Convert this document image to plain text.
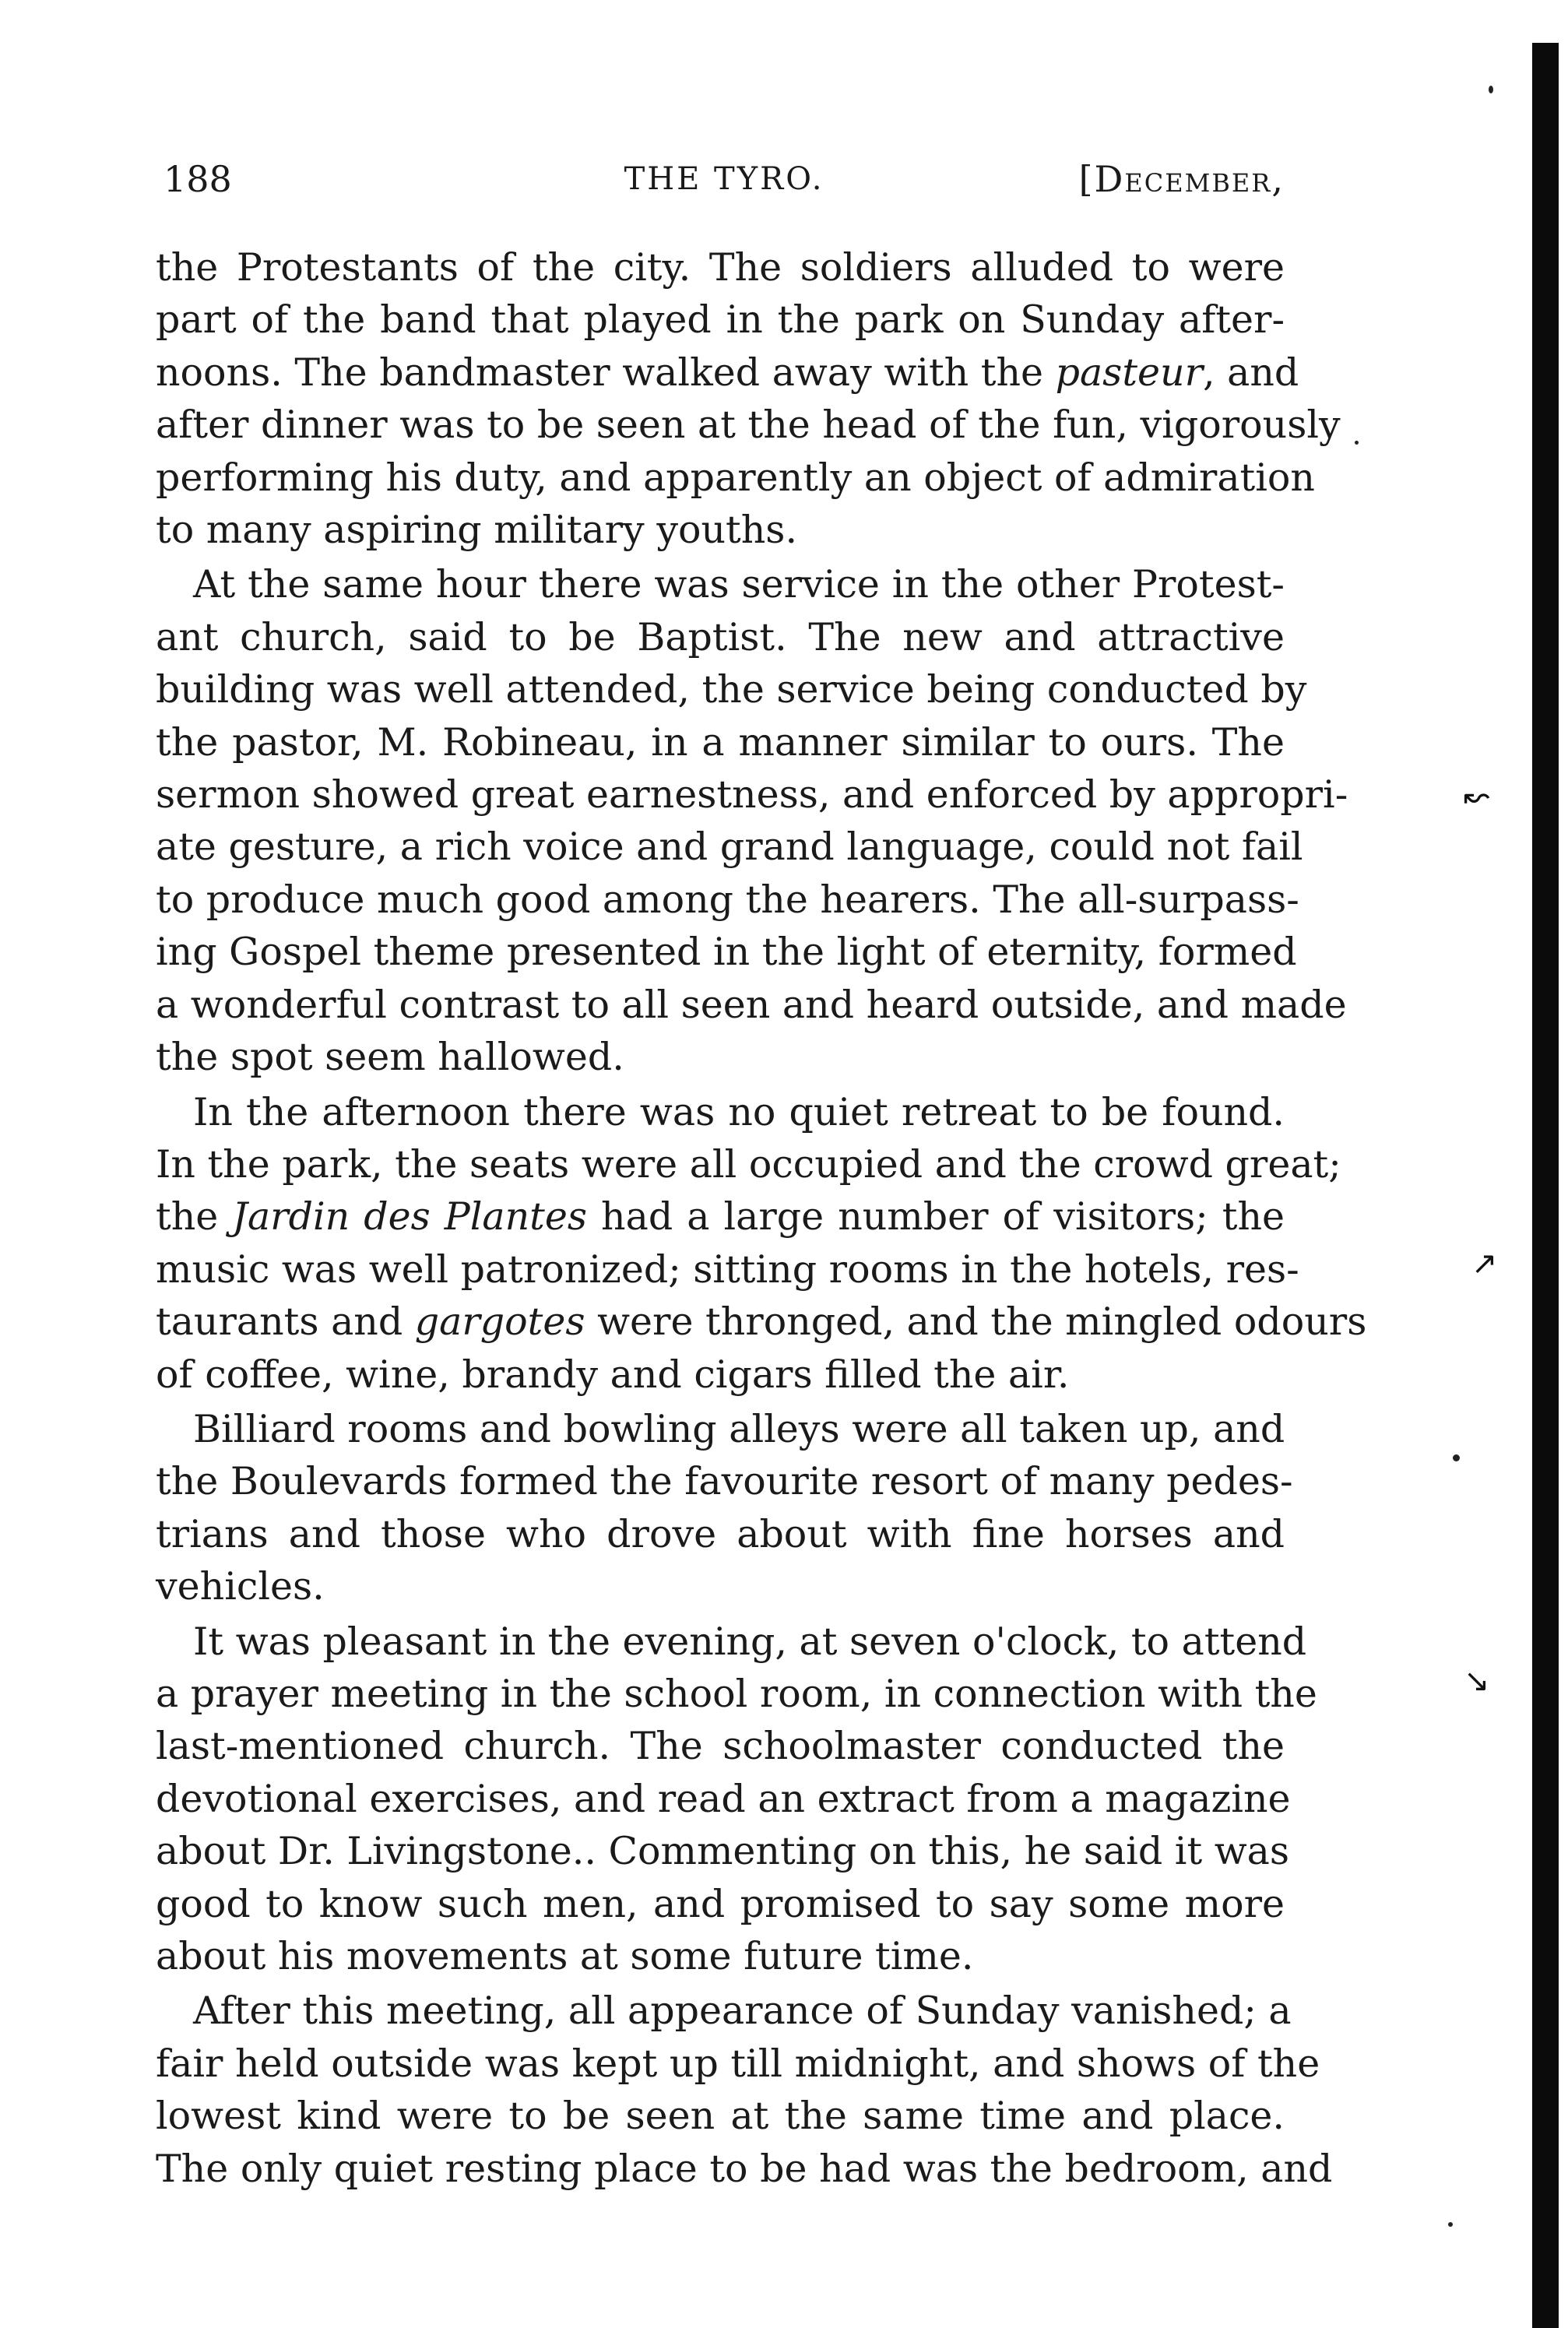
188	THE TYRO.	[December,
the Protestants of the city. The soldiers alluded to were
part of the band that played in the park on Sunday after-
noons. The bandmaster walked away with the pasteur, and
after dinner was to be seen at the head of the fun, vigorously
performing his duty, and apparently an object of admiration
to many aspiring military youths.
At the same hour there was service in the other Protest-
ant church, said to be Baptist. The new and attractive
building was well attended, the service being conducted by
the pastor, M. Robineau, in a manner similar to ours. The
sermon showed great earnestness, and enforced by appropri-
ate gesture, a rich voice and grand language, could not fail
to produce much good among the hearers. The all-surpass-
ing Gospel theme presented in the light of eternity, formed
a wonderful contrast to all seen and heard outside, and made
the spot seem hallowed.
In the afternoon there was no quiet retreat to be found.
In the park, the seats were all occupied and the crowd great;
the Jardin des Plantes had a large number of visitors; the
music was well patronized; sitting rooms in the hotels, res-
taurants and gargotes were thronged, and the mingled odours
of coffee, wine, brandy and cigars filled the air.
Billiard rooms and bowling alleys were all taken up, and
the Boulevards formed the favourite resort of many pedes-
trians and those who drove about with fine horses and
vehicles.
It was pleasant in the evening, at seven o'clock, to attend
a prayer meeting in the school room, in connection with the
last-mentioned church. The schoolmaster conducted the
devotional exercises, and read an extract from a magazine
about Dr. Livingstone.. Commenting on this, he said it was
good to know such men, and promised to say some more
about his movements at some future time.
After this meeting, all appearance of Sunday vanished; a
fair held outside was kept up till midnight, and shows of the
lowest kind were to be seen at the same time and place.
The only quiet resting place to be had was the bedroom, and
↜
↗
↘
